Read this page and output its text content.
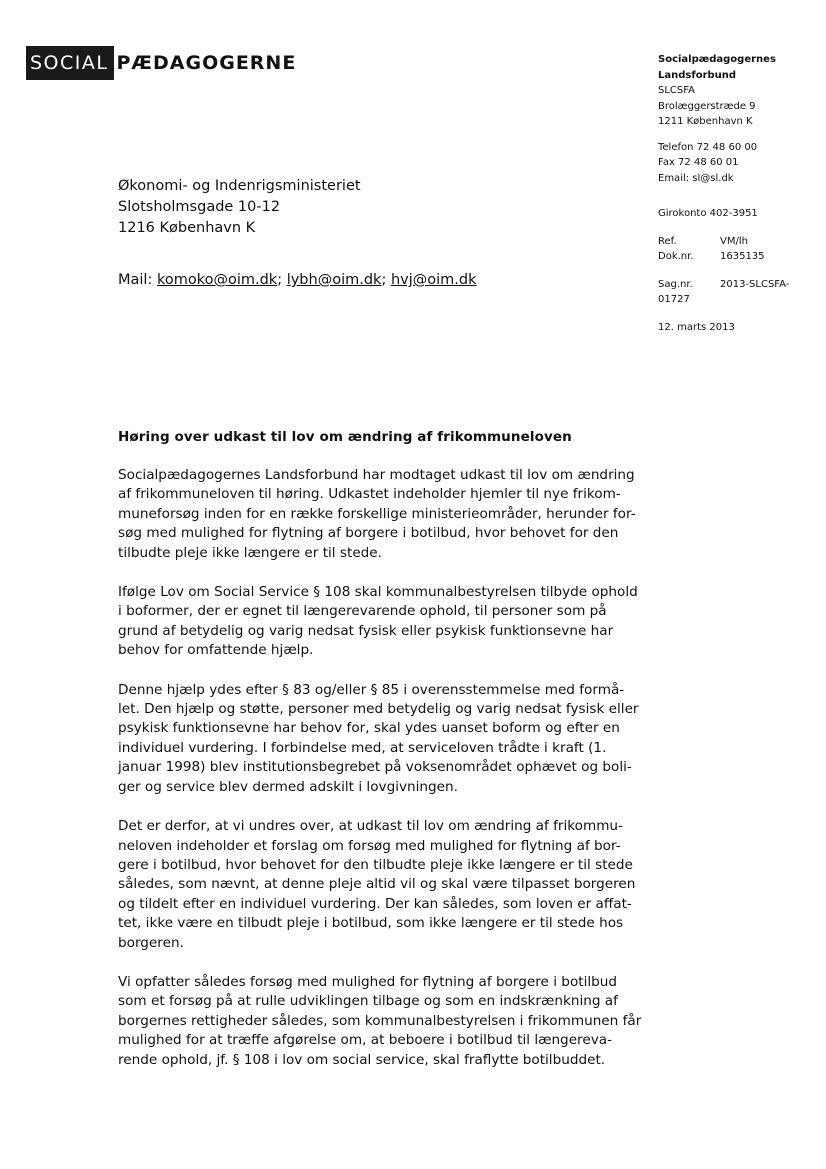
SOCIAL PÆDAGOGERNE	Socialpædagogernes
Landsforbund
SLCSFA
Brolæggerstræde 9
1211 København K
Telefon 72 48 60 00
Fax 72 48 60 01
Email: sl@sl.dk
Girokonto 402-3951
Ref.	VM/lh
Dok.nr.	1635135
Sag.nr.	2013-SLCSFA-
01727
12. marts 2013
Økonomi- og Indenrigsministeriet
Slotsholmsgade 10-12
1216 København K
Mail: komoko@oim.dk; lybh@oim.dk; hvj@oim.dk
Høring over udkast til lov om ændring af frikommuneloven

Socialpædagogernes Landsforbund har modtaget udkast til lov om ændring
af frikommuneloven til høring. Udkastet indeholder hjemler til nye frikom-
muneforsøg inden for en række forskellige ministerieområder, herunder for-
søg med mulighed for flytning af borgere i botilbud, hvor behovet for den
tilbudte pleje ikke længere er til stede.

Ifølge Lov om Social Service § 108 skal kommunalbestyrelsen tilbyde ophold
i boformer, der er egnet til længerevarende ophold, til personer som på
grund af betydelig og varig nedsat fysisk eller psykisk funktionsevne har
behov for omfattende hjælp.

Denne hjælp ydes efter § 83 og/eller § 85 i overensstemmelse med formå-
let. Den hjælp og støtte, personer med betydelig og varig nedsat fysisk eller
psykisk funktionsevne har behov for, skal ydes uanset boform og efter en
individuel vurdering. I forbindelse med, at serviceloven trådte i kraft (1.
januar 1998) blev institutionsbegrebet på voksenområdet ophævet og boli-
ger og service blev dermed adskilt i lovgivningen.

Det er derfor, at vi undres over, at udkast til lov om ændring af frikommu-
neloven indeholder et forslag om forsøg med mulighed for flytning af bor-
gere i botilbud, hvor behovet for den tilbudte pleje ikke længere er til stede
således, som nævnt, at denne pleje altid vil og skal være tilpasset borgeren
og tildelt efter en individuel vurdering. Der kan således, som loven er affat-
tet, ikke være en tilbudt pleje i botilbud, som ikke længere er til stede hos
borgeren.

Vi opfatter således forsøg med mulighed for flytning af borgere i botilbud
som et forsøg på at rulle udviklingen tilbage og som en indskrænkning af
borgernes rettigheder således, som kommunalbestyrelsen i frikommunen får
mulighed for at træffe afgørelse om, at beboere i botilbud til længereva-
rende ophold, jf. § 108 i lov om social service, skal fraflytte botilbuddet.
